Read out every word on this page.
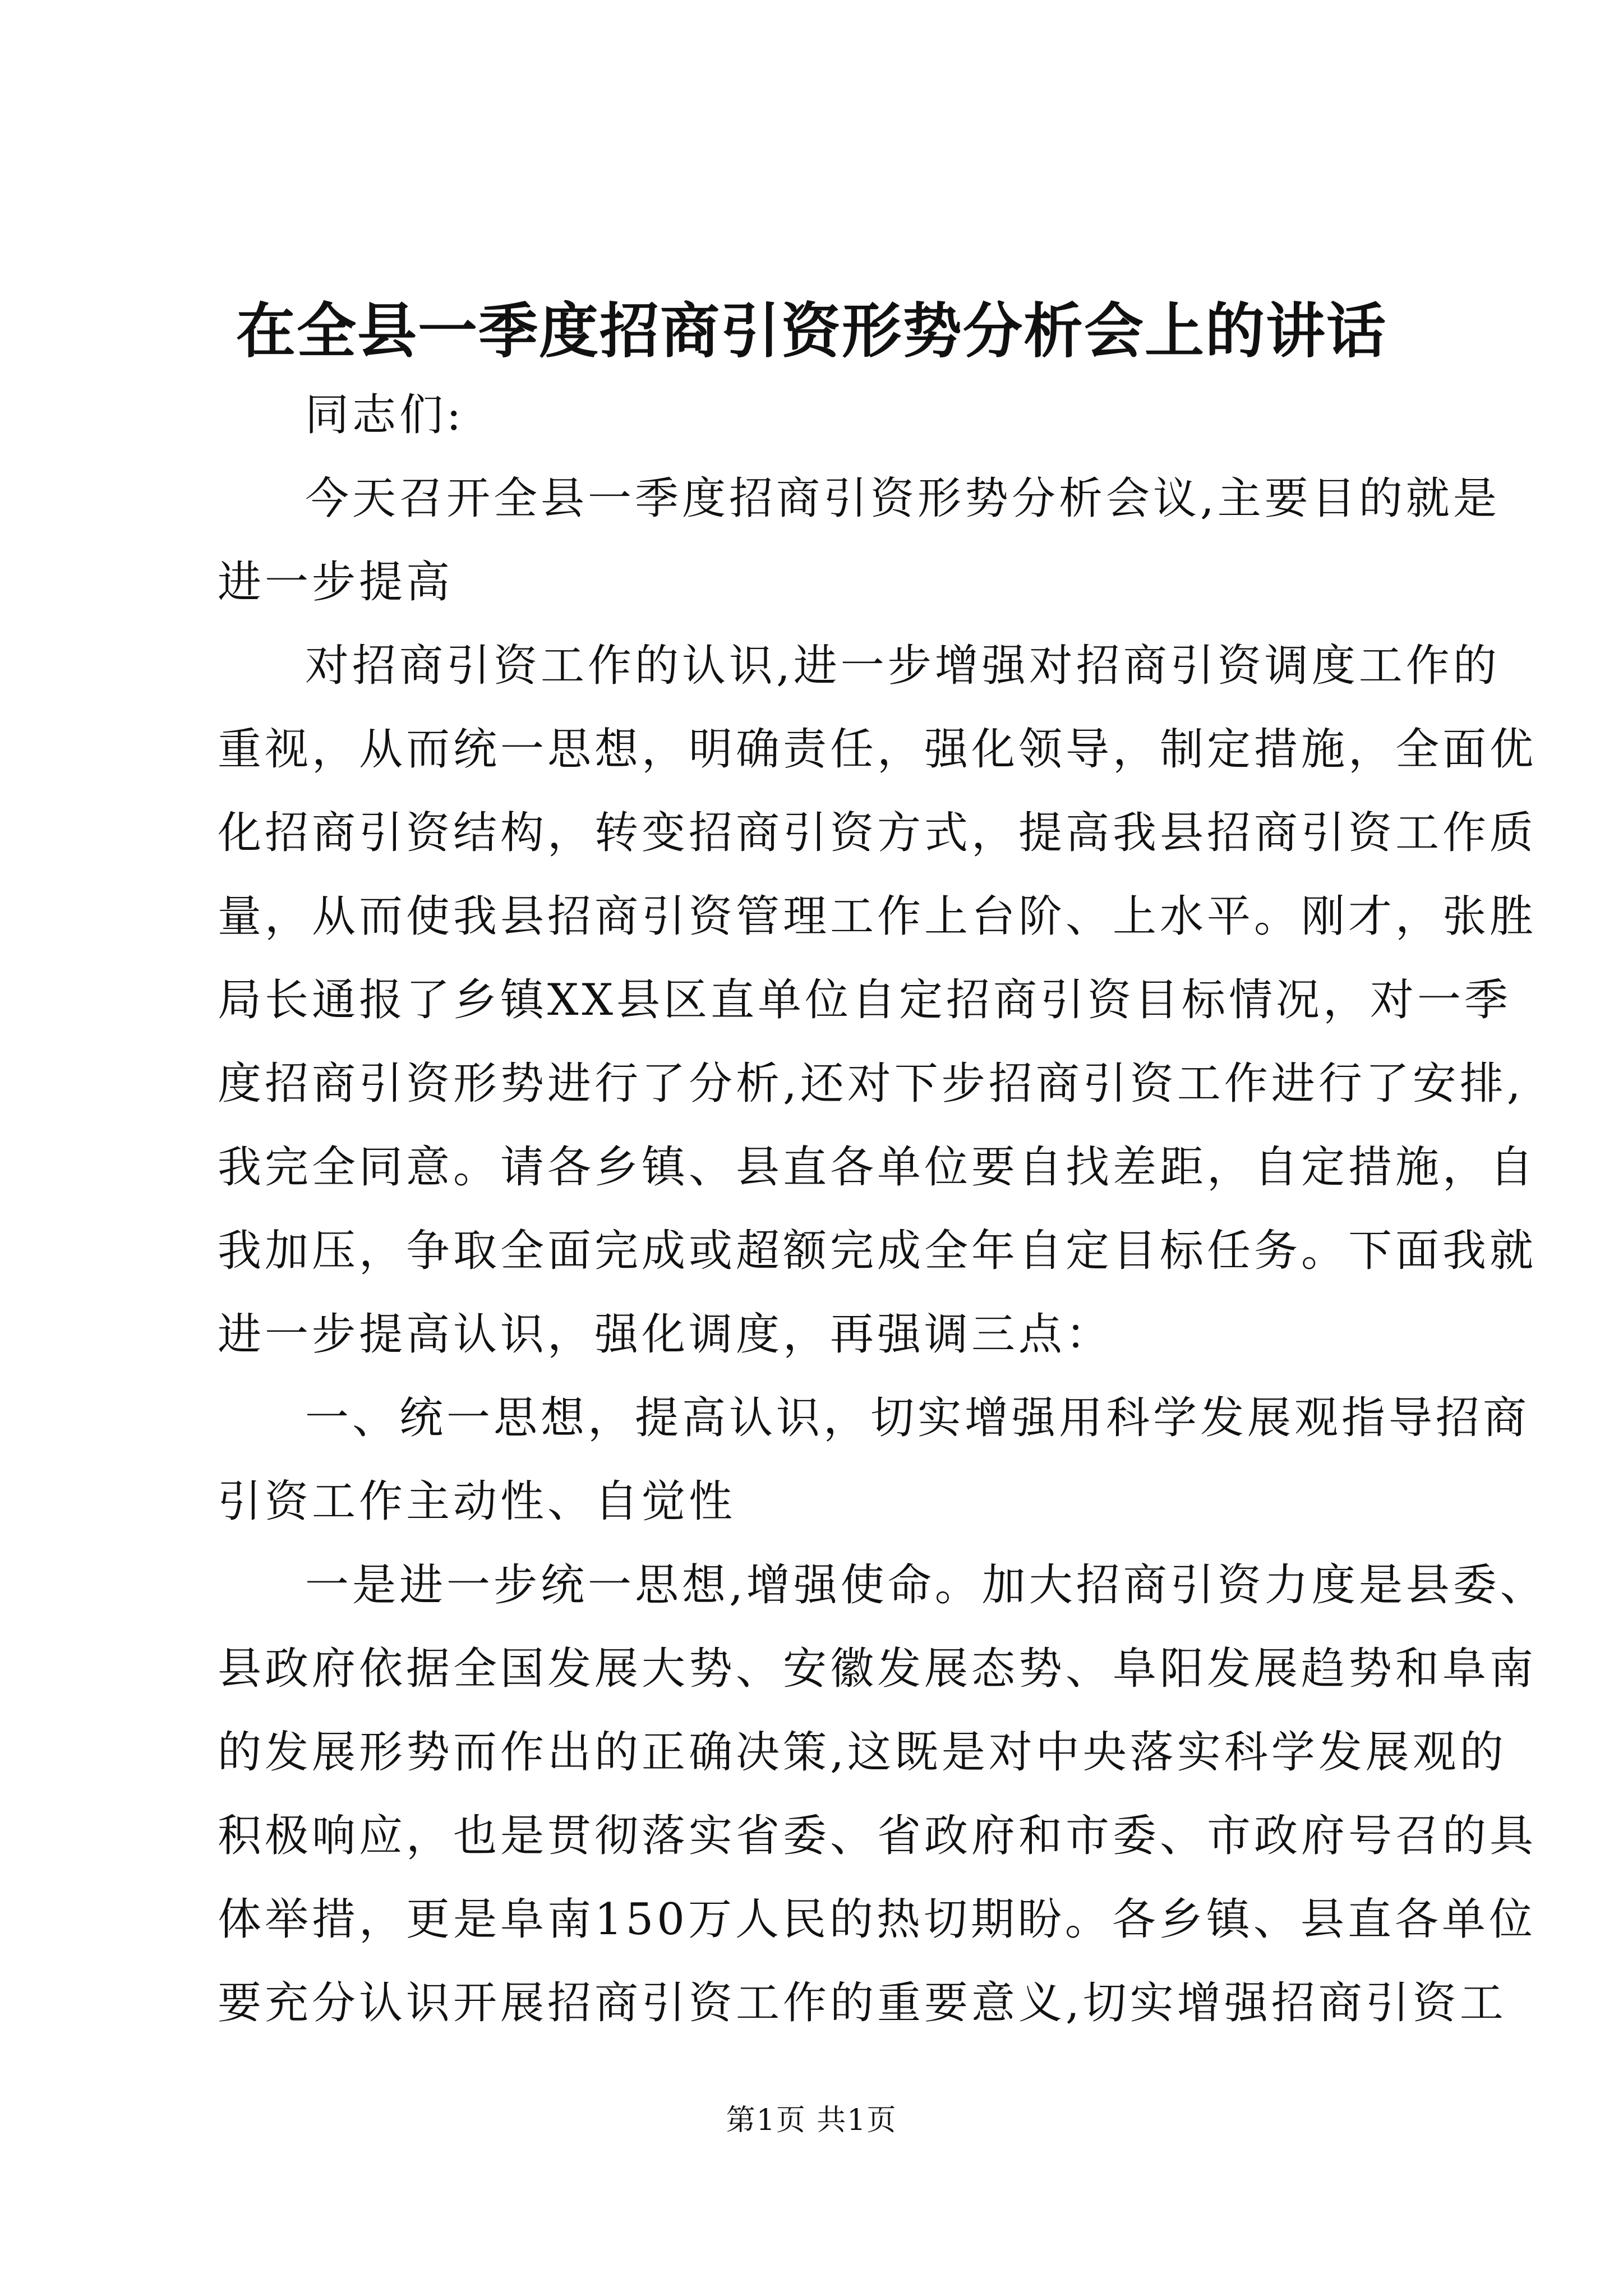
在全县一季度招商引资形势分析会上的讲话
同志们:
今天召开全县一季度招商引资形势分析会议,主要目的就是
进一步提高
对招商引资工作的认识,进一步增强对招商引资调度工作的
重视，从而统一思想，明确责任，强化领导，制定措施，全面优
化招商引资结构，转变招商引资方式，提高我县招商引资工作质
量，从而使我县招商引资管理工作上台阶、上水平。刚才，张胜
局长通报了乡镇XX县区直单位自定招商引资目标情况，对一季
度招商引资形势进行了分析,还对下步招商引资工作进行了安排,
我完全同意。请各乡镇、县直各单位要自找差距，自定措施，自
我加压，争取全面完成或超额完成全年自定目标任务。下面我就
进一步提高认识，强化调度，再强调三点：
一、统一思想，提高认识，切实增强用科学发展观指导招商
引资工作主动性、自觉性
一是进一步统一思想,增强使命。加大招商引资力度是县委、
县政府依据全国发展大势、安徽发展态势、阜阳发展趋势和阜南
的发展形势而作出的正确决策,这既是对中央落实科学发展观的
积极响应，也是贯彻落实省委、省政府和市委、市政府号召的具
体举措，更是阜南150万人民的热切期盼。各乡镇、县直各单位
要充分认识开展招商引资工作的重要意义,切实增强招商引资工
第1页 共1页
